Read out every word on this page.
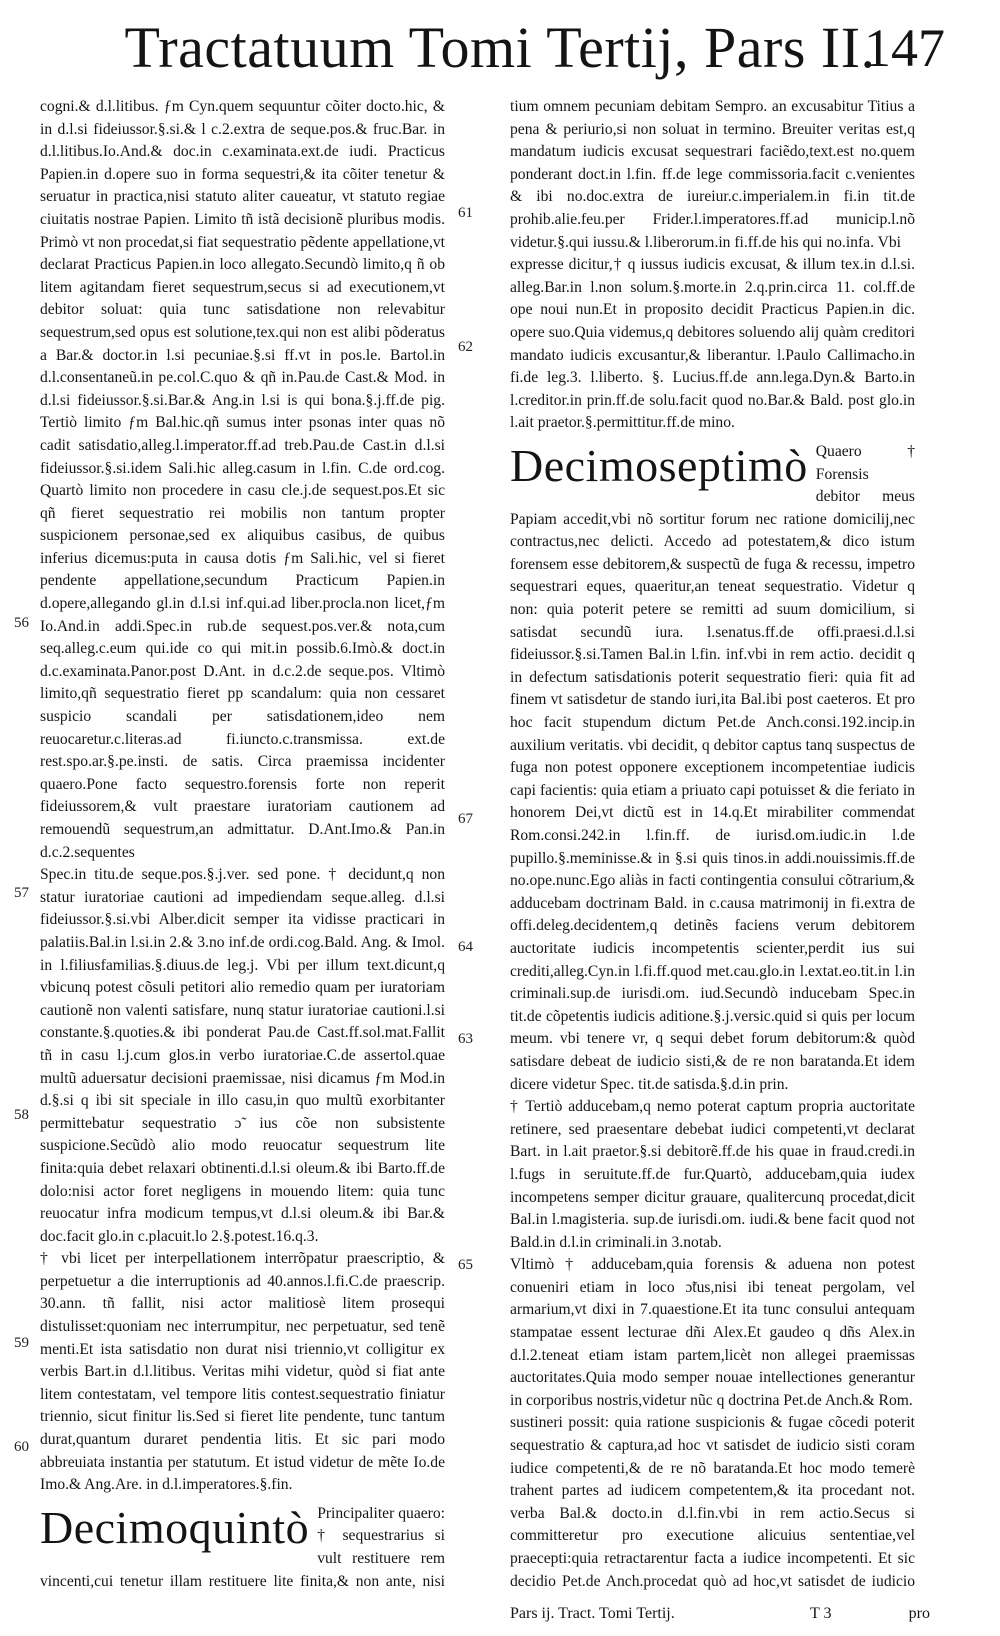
Tractatuum Tomi Tertij, Pars II.
147

cogni.& d.l.litibus. ƒm Cyn.quem sequuntur cõiter docto.hic, & in d.l.si fideiussor.§.si.& l c.2.extra de seque.pos.& fruc.Bar. in d.l.litibus.Io.And.& doc.in c.examinata.ext.de iudi. Practicus Papien.in d.opere suo in forma sequestri,& ita cõiter tenetur & seruatur in practica,nisi statuto aliter caueatur, vt statuto regiae ciuitatis nostrae Papien. Limito tñ istã decisionẽ pluribus modis. Primò vt non procedat,si fiat sequestratio pẽdente appellatione,vt declarat Practicus Papien.in loco allegato.Secundò limito,q ñ ob litem agitandam fieret sequestrum,secus si ad executionem,vt debitor soluat: quia tunc satisdatione non relevabitur sequestrum,sed opus est solutione,tex.qui non est alibi põderatus a Bar.& doctor.in l.si pecuniae.§.si ff.vt in pos.le. Bartol.in d.l.consentaneũ.in pe.col.C.quo & qñ in.Pau.de Cast.& Mod. in d.l.si fideiussor.§.si.Bar.& Ang.in l.si is qui bona.§.j.ff.de pig. Tertiò limito ƒm Bal.hic.qñ sumus inter psonas inter quas nõ cadit satisdatio,alleg.l.imperator.ff.ad treb.Pau.de Cast.in d.l.si fideiussor.§.si.idem Sali.hic alleg.casum in l.fin. C.de ord.cog. Quartò limito non procedere in casu cle.j.de sequest.pos.Et sic qñ fieret sequestratio rei mobilis non tantum propter suspicionem personae,sed ex aliquibus casibus, de quibus inferius dicemus:puta in causa dotis ƒm Sali.hic, vel si fieret pendente appellatione,secundum Practicum Papien.in d.opere,allegando gl.in d.l.si inf.qui.ad liber.procla.non licet,ƒm Io.And.in addi.Spec.in rub.de sequest.pos.ver.& nota,cum seq.alleg.c.eum qui.ide co qui mit.in possib.6.Imò.& doct.in d.c.examinata.Panor.post D.Ant. in d.c.2.de seque.pos. Vltimò limito,qñ sequestratio fieret pp scandalum: quia non cessaret suspicio scandali per satisdationem,ideo nem reuocaretur.c.literas.ad fi.iuncto.c.transmissa. ext.de rest.spo.ar.§.pe.insti. de satis. Circa praemissa incidenter quaero.Pone facto sequestro.forensis forte non reperit fideiussorem,& vult praestare iuratoriam cautionem ad remouendũ sequestrum,an admittatur. D.Ant.Imo.& Pan.in d.c.2.sequentes

Spec.in titu.de seque.pos.§.j.ver. sed pone. † decidunt,q non statur iuratoriae cautioni ad impediendam seque.alleg. d.l.si fideiussor.§.si.vbi Alber.dicit semper ita vidisse practicari in palatiis.Bal.in l.si.in 2.& 3.no inf.de ordi.cog.Bald. Ang. & Imol. in l.filiusfamilias.§.diuus.de leg.j. Vbi per illum text.dicunt,q vbicunq potest cõsuli petitori alio remedio quam per iuratoriam cautionẽ non valenti satisfare, nunq statur iuratoriae cautioni.l.si constante.§.quoties.& ibi ponderat Pau.de Cast.ff.sol.mat.Fallit tñ in casu l.j.cum glos.in verbo iuratoriae.C.de assertol.quae multũ aduersatur decisioni praemissae, nisi dicamus ƒm Mod.in d.§.si q ibi sit speciale in illo casu,in quo multũ exorbitanter permittebatur sequestratio ɔ̃ ius cõe non subsistente suspicione.Secũdò alio modo reuocatur sequestrum lite finita:quia debet relaxari obtinenti.d.l.si oleum.& ibi Barto.ff.de dolo:nisi actor foret negligens in mouendo litem: quia tunc reuocatur infra modicum tempus,vt d.l.si oleum.& ibi Bar.& doc.facit glo.in c.placuit.lo 2.§.potest.16.q.3.

† vbi licet per interpellationem interrõpatur praescriptio, & perpetuetur a die interruptionis ad 40.annos.l.fi.C.de praescrip. 30.ann. tñ fallit, nisi actor malitiosè litem prosequi distulisset:quoniam nec interrumpitur, nec perpetuatur, sed tenẽ menti.Et ista satisdatio non durat nisi triennio,vt colligitur ex verbis Bart.in d.l.litibus. Veritas mihi videtur, quòd si fiat ante litem contestatam, vel tempore litis contest.sequestratio finiatur triennio, sicut finitur lis.Sed si fieret lite pendente, tunc tantum durat,quantum duraret pendentia litis. Et sic pari modo abbreuiata instantia per statutum. Et istud videtur de mẽte Io.de Imo.& Ang.Are. in d.l.imperatores.§.fin.

Decimoquintò Principaliter quaero: † sequestrarius si vult restituere rem vincenti,cui tenetur illam restituere lite finita,& non ante, nisi

tium omnem pecuniam debitam Sempro. an excusabitur Titius a pena & periurio,si non soluat in termino. Breuiter veritas est,q mandatum iudicis excusat sequestrari faciẽdo,text.est no.quem ponderant doct.in l.fin. ff.de lege commissoria.facit c.venientes & ibi no.doc.extra de iureiur.c.imperialem.in fi.in tit.de prohib.alie.feu.per Frider.l.imperatores.ff.ad municip.l.nõ videtur.§.qui iussu.& l.liberorum.in fi.ff.de his qui no.infa. Vbi

expresse dicitur,† q iussus iudicis excusat, & illum tex.in d.l.si. alleg.Bar.in l.non solum.§.morte.in 2.q.prin.circa 11. col.ff.de ope noui nun.Et in proposito decidit Practicus Papien.in dic. opere suo.Quia videmus,q debitores soluendo alij quàm creditori mandato iudicis excusantur,& liberantur. l.Paulo Callimacho.in fi.de leg.3. l.liberto. §. Lucius.ff.de ann.lega.Dyn.& Barto.in l.creditor.in prin.ff.de solu.facit quod no.Bar.& Bald. post glo.in l.ait praetor.§.permittitur.ff.de mino.

Decimoseptimò Quaero † Forensis debitor meus Papiam accedit,vbi nõ sortitur forum nec ratione domicilij,nec contractus,nec delicti. Accedo ad potestatem,& dico istum forensem esse debitorem,& suspectũ de fuga & recessu, impetro sequestrari eques, quaeritur,an teneat sequestratio. Videtur q non: quia poterit petere se remitti ad suum domicilium, si satisdat secundũ iura. l.senatus.ff.de offi.praesi.d.l.si fideiussor.§.si.Tamen Bal.in l.fin. inf.vbi in rem actio. decidit q in defectum satisdationis poterit sequestratio fieri: quia fit ad finem vt satisdetur de stando iuri,ita Bal.ibi post caeteros. Et pro hoc facit stupendum dictum Pet.de Anch.consi.192.incip.in auxilium veritatis. vbi decidit, q debitor captus tanq suspectus de fuga non potest opponere exceptionem incompetentiae iudicis capi facientis: quia etiam a priuato capi potuisset & die feriato in honorem Dei,vt dictũ est in 14.q.Et mirabiliter commendat Rom.consi.242.in l.fin.ff. de iurisd.om.iudic.in l.de pupillo.§.meminisse.& in §.si quis tinos.in addi.nouissimis.ff.de no.ope.nunc.Ego aliàs in facti contingentia consului cõtrarium,& adducebam doctrinam Bald. in c.causa matrimonij in fi.extra de offi.deleg.decidentem,q detinẽs faciens verum debitorem auctoritate iudicis incompetentis scienter,perdit ius sui crediti,alleg.Cyn.in l.fi.ff.quod met.cau.glo.in l.extat.eo.tit.in l.in criminali.sup.de iurisdi.om. iud.Secundò inducebam Spec.in tit.de cõpetentis iudicis aditione.§.j.versic.quid si quis per locum meum. vbi tenere vr, q sequi debet forum debitorum:& quòd satisdare debeat de iudicio sisti,& de re non baratanda.Et idem dicere videtur Spec. tit.de satisda.§.d.in prin.

† Tertiò adducebam,q nemo poterat captum propria auctoritate retinere, sed praesentare debebat iudici competenti,vt declarat Bart. in l.ait praetor.§.si debitorẽ.ff.de his quae in fraud.credi.in l.fugs in seruitute.ff.de fur.Quartò, adducebam,quia iudex incompetens semper dicitur grauare, qualitercunq procedat,dicit Bal.in l.magisteria. sup.de iurisdi.om. iudi.& bene facit quod not Bald.in d.l.in criminali.in 3.notab.

Vltimò † adducebam,quia forensis & aduena non potest conueniri etiam in loco ɔ̃tus,nisi ibi teneat pergolam, vel armarium,vt dixi in 7.quaestione.Et ita tunc consului antequam stampatae essent lecturae dñi Alex.Et gaudeo q dñs Alex.in d.l.2.teneat etiam istam partem,licèt non allegei praemissas auctoritates.Quia modo semper nouae intellectiones generantur in corporibus nostris,videtur nũc q doctrina Pet.de Anch.& Rom.

sustineri possit: quia ratione suspicionis & fugae cõcedi poterit sequestratio & captura,ad hoc vt satisdet de iudicio sisti coram iudice competenti,& de re nõ baratanda.Et hoc modo temerè trahent partes ad iudicem competentem,& ita procedant not. verba Bal.& docto.in d.l.fin.vbi in rem actio.Secus si committeretur pro executione alicuius sententiae,vel praecepti:quia retractarentur facta a iudice incompetenti. Et sic decidio Pet.de Anch.procedat quò ad hoc,vt satisdet de iudicio

56
57
58
59
60
61
62
67
64
63
65
Pars ij. Tract. Tomi Tertij.	T 3	pro
